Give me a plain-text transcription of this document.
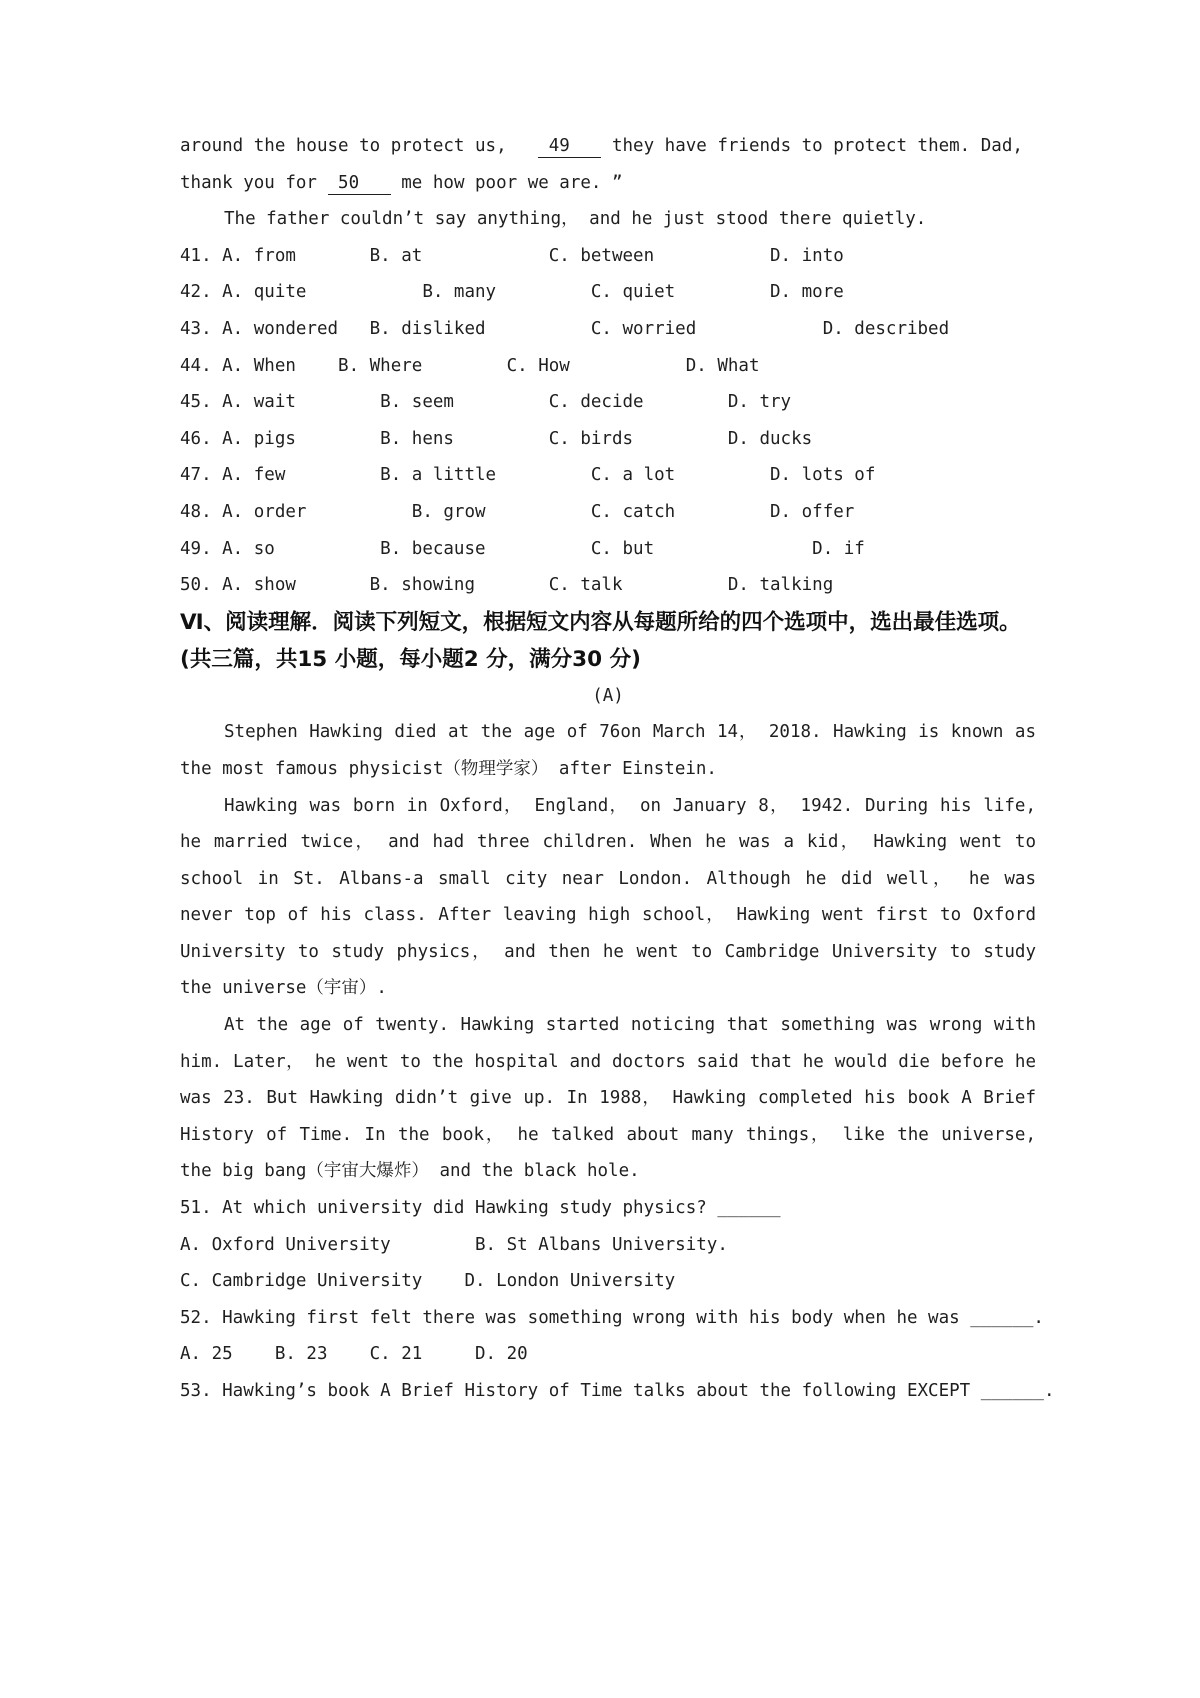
around the house to protect us,    49    they have friends to protect them. Dad, thank you for  50    me how poor we are. ”

The father couldn’t say anything， and he just stood there quietly.

41. A. from       B. at            C. between           D. into
42. A. quite           B. many         C. quiet         D. more
43. A. wondered   B. disliked          C. worried            D. described
44. A. When    B. Where        C. How           D. What
45. A. wait        B. seem         C. decide        D. try
46. A. pigs        B. hens         C. birds         D. ducks
47. A. few         B. a little         C. a lot         D. lots of
48. A. order          B. grow          C. catch         D. offer
49. A. so          B. because          C. but               D. if
50. A. show       B. showing       C. talk          D. talking
Ⅵ、阅读理解．阅读下列短文，根据短文内容从每题所给的四个选项中，选出最佳选项。
(共三篇，共15 小题，每小题2 分，满分30 分)

(A)

Stephen Hawking died at the age of 76on March 14， 2018. Hawking is known as the most famous physicist（物理学家） after Einstein.

Hawking was born in Oxford， England， on January 8， 1942. During his life, he married twice， and had three children. When he was a kid， Hawking went to school in St. Albans-a small city near London. Although he did well， he was never top of his class. After leaving high school， Hawking went first to Oxford University to study physics， and then he went to Cambridge University to study the universe（宇宙）.

At the age of twenty. Hawking started noticing that something was wrong with him. Later， he went to the hospital and doctors said that he would die before he was 23. But Hawking didn’t give up. In 1988， Hawking completed his book A Brief History of Time. In the book， he talked about many things， like the universe, the big bang（宇宙大爆炸） and the black hole.

51. At which university did Hawking study physics? ______

A. Oxford University        B. St Albans University.

C. Cambridge University    D. London University

52. Hawking first felt there was something wrong with his body when he was ______.

A. 25    B. 23    C. 21     D. 20

53. Hawking’s book A Brief History of Time talks about the following EXCEPT ______.
